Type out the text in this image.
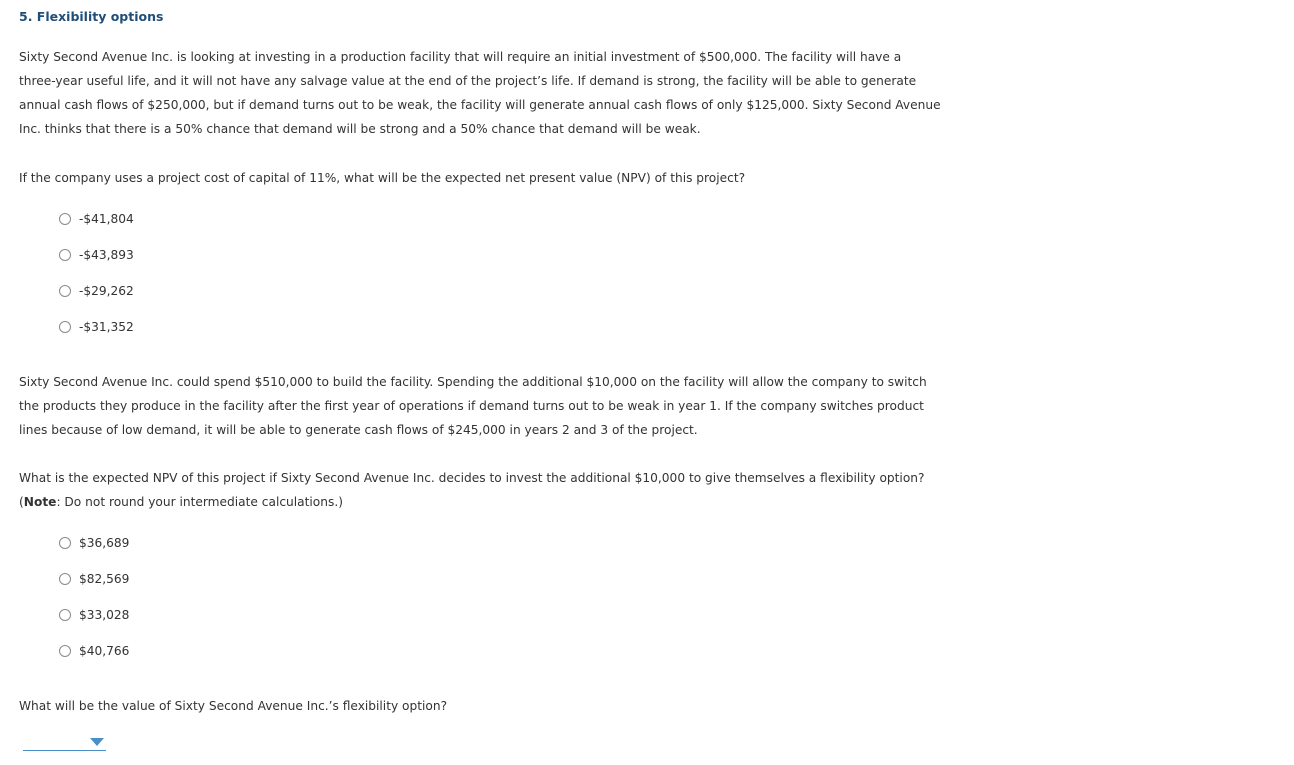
5. Flexibility options
Sixty Second Avenue Inc. is looking at investing in a production facility that will require an initial investment of $500,000. The facility will have a
three-year useful life, and it will not have any salvage value at the end of the project’s life. If demand is strong, the facility will be able to generate
annual cash flows of $250,000, but if demand turns out to be weak, the facility will generate annual cash flows of only $125,000. Sixty Second Avenue
Inc. thinks that there is a 50% chance that demand will be strong and a 50% chance that demand will be weak.
If the company uses a project cost of capital of 11%, what will be the expected net present value (NPV) of this project?
-$41,804
-$43,893
-$29,262
-$31,352
Sixty Second Avenue Inc. could spend $510,000 to build the facility. Spending the additional $10,000 on the facility will allow the company to switch
the products they produce in the facility after the first year of operations if demand turns out to be weak in year 1. If the company switches product
lines because of low demand, it will be able to generate cash flows of $245,000 in years 2 and 3 of the project.
What is the expected NPV of this project if Sixty Second Avenue Inc. decides to invest the additional $10,000 to give themselves a flexibility option?
(Note: Do not round your intermediate calculations.)
$36,689
$82,569
$33,028
$40,766
What will be the value of Sixty Second Avenue Inc.’s flexibility option?
